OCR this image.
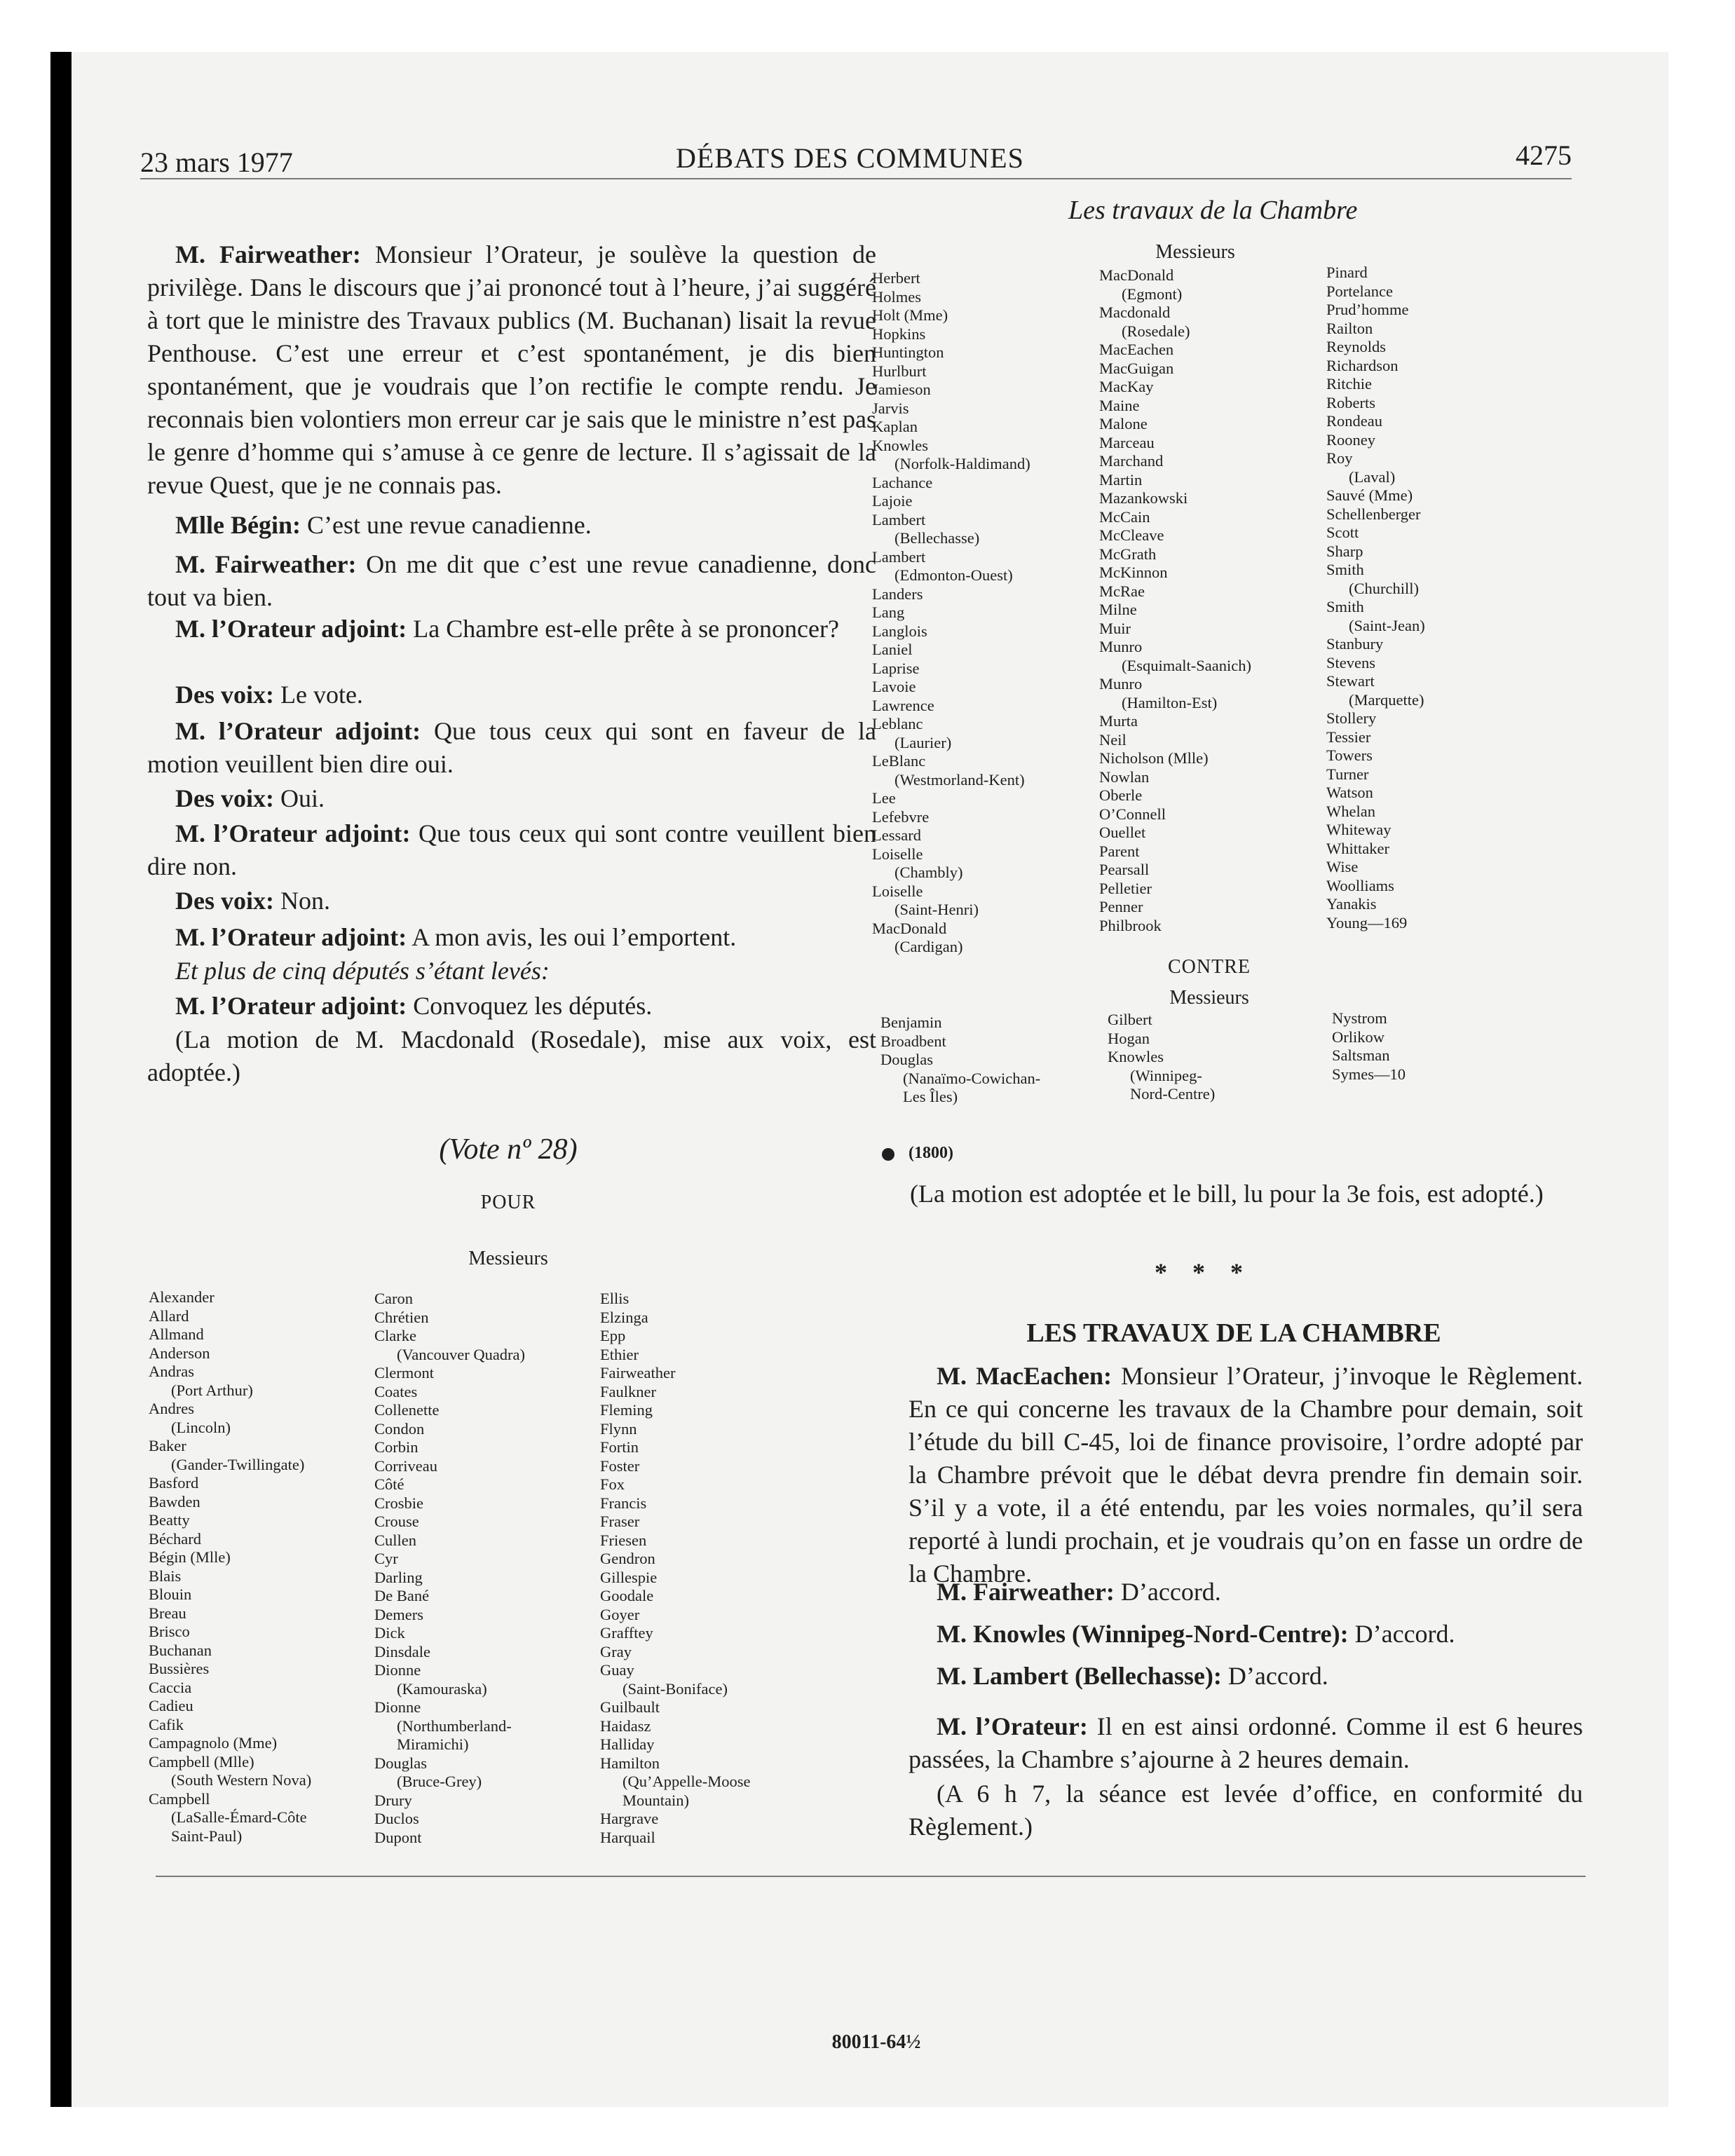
23 mars 1977	DÉBATS DES COMMUNES	4275
Les travaux de la Chambre
M. Fairweather: Monsieur l’Orateur, je soulève la question de privilège. Dans le discours que j’ai prononcé tout à l’heure, j’ai suggéré à tort que le ministre des Travaux publics (M. Buchanan) lisait la revue Penthouse. C’est une erreur et c’est spontanément, je dis bien spontanément, que je voudrais que l’on rectifie le compte rendu. Je reconnais bien volontiers mon erreur car je sais que le ministre n’est pas le genre d’homme qui s’amuse à ce genre de lecture. Il s’agissait de la revue Quest, que je ne connais pas.
Mlle Bégin: C’est une revue canadienne.
M. Fairweather: On me dit que c’est une revue canadienne, donc tout va bien.
M. l’Orateur adjoint: La Chambre est-elle prête à se prononcer?
Des voix: Le vote.
M. l’Orateur adjoint: Que tous ceux qui sont en faveur de la motion veuillent bien dire oui.
Des voix: Oui.
M. l’Orateur adjoint: Que tous ceux qui sont contre veuillent bien dire non.
Des voix: Non.
M. l’Orateur adjoint: A mon avis, les oui l’emportent.
Et plus de cinq députés s’étant levés:
M. l’Orateur adjoint: Convoquez les députés.
(La motion de M. Macdonald (Rosedale), mise aux voix, est adoptée.)
(Vote nº 28)
POUR
Messieurs
Alexander
Allard
Allmand
Anderson
Andras
(Port Arthur)
Andres
(Lincoln)
Baker
(Gander-Twillingate)
Basford
Bawden
Beatty
Béchard
Bégin (Mlle)
Blais
Blouin
Breau
Brisco
Buchanan
Bussières
Caccia
Cadieu
Cafik
Campagnolo (Mme)
Campbell (Mlle)
(South Western Nova)
Campbell
(LaSalle-Émard-Côte
Saint-Paul)
Caron
Chrétien
Clarke
(Vancouver Quadra)
Clermont
Coates
Collenette
Condon
Corbin
Corriveau
Côté
Crosbie
Crouse
Cullen
Cyr
Darling
De Bané
Demers
Dick
Dinsdale
Dionne
(Kamouraska)
Dionne
(Northumberland-
Miramichi)
Douglas
(Bruce-Grey)
Drury
Duclos
Dupont
Ellis
Elzinga
Epp
Ethier
Fairweather
Faulkner
Fleming
Flynn
Fortin
Foster
Fox
Francis
Fraser
Friesen
Gendron
Gillespie
Goodale
Goyer
Grafftey
Gray
Guay
(Saint-Boniface)
Guilbault
Haidasz
Halliday
Hamilton
(Qu’Appelle-Moose
Mountain)
Hargrave
Harquail
Herbert
Holmes
Holt (Mme)
Hopkins
Huntington
Hurlburt
Jamieson
Jarvis
Kaplan
Knowles
(Norfolk-Haldimand)
Lachance
Lajoie
Lambert
(Bellechasse)
Lambert
(Edmonton-Ouest)
Landers
Lang
Langlois
Laniel
Laprise
Lavoie
Lawrence
Leblanc
(Laurier)
LeBlanc
(Westmorland-Kent)
Lee
Lefebvre
Lessard
Loiselle
(Chambly)
Loiselle
(Saint-Henri)
MacDonald
(Cardigan)
MacDonald
(Egmont)
Macdonald
(Rosedale)
MacEachen
MacGuigan
MacKay
Maine
Malone
Marceau
Marchand
Martin
Mazankowski
McCain
McCleave
McGrath
McKinnon
McRae
Milne
Muir
Munro
(Esquimalt-Saanich)
Munro
(Hamilton-Est)
Murta
Neil
Nicholson (Mlle)
Nowlan
Oberle
O’Connell
Ouellet
Parent
Pearsall
Pelletier
Penner
Philbrook
Pinard
Portelance
Prud’homme
Railton
Reynolds
Richardson
Ritchie
Roberts
Rondeau
Rooney
Roy
(Laval)
Sauvé (Mme)
Schellenberger
Scott
Sharp
Smith
(Churchill)
Smith
(Saint-Jean)
Stanbury
Stevens
Stewart
(Marquette)
Stollery
Tessier
Towers
Turner
Watson
Whelan
Whiteway
Whittaker
Wise
Woolliams
Yanakis
Young—169
Messieurs
CONTRE
Messieurs
Benjamin
Broadbent
Douglas
(Nanaïmo-Cowichan-
Les Îles)
Gilbert
Hogan
Knowles
(Winnipeg-
Nord-Centre)
Nystrom
Orlikow
Saltsman
Symes—10
(1800)
(La motion est adoptée et le bill, lu pour la 3e fois, est adopté.)
*    *    *
LES TRAVAUX DE LA CHAMBRE
M. MacEachen: Monsieur l’Orateur, j’invoque le Règlement. En ce qui concerne les travaux de la Chambre pour demain, soit l’étude du bill C-45, loi de finance provisoire, l’ordre adopté par la Chambre prévoit que le débat devra prendre fin demain soir. S’il y a vote, il a été entendu, par les voies normales, qu’il sera reporté à lundi prochain, et je voudrais qu’on en fasse un ordre de la Chambre.
M. Fairweather: D’accord.
M. Knowles (Winnipeg-Nord-Centre): D’accord.
M. Lambert (Bellechasse): D’accord.
M. l’Orateur: Il en est ainsi ordonné. Comme il est 6 heures passées, la Chambre s’ajourne à 2 heures demain.
(A 6 h 7, la séance est levée d’office, en conformité du Règlement.)
80011-64½
